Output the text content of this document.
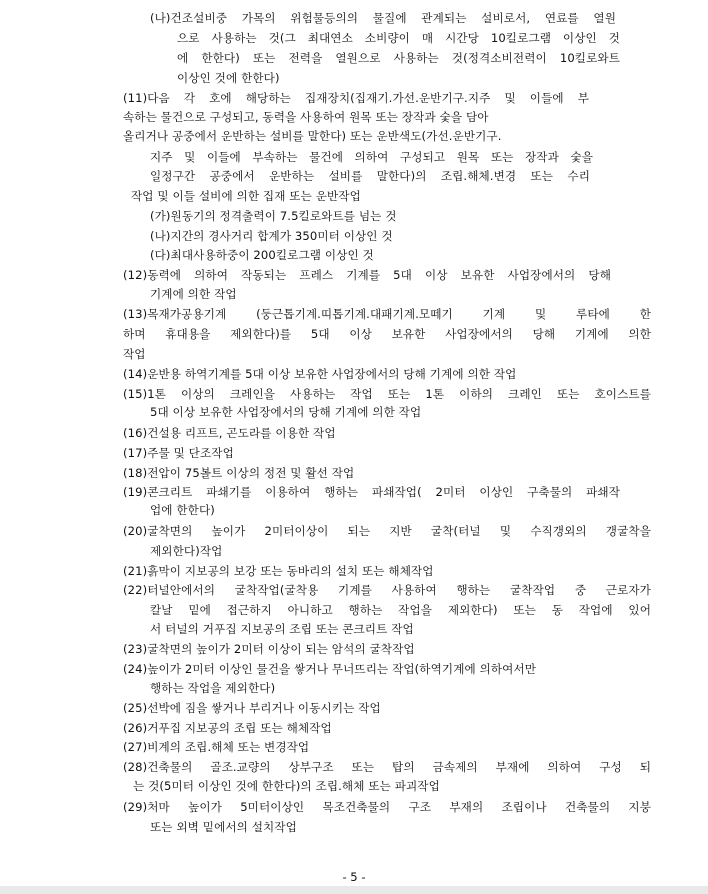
(나)건조설비중 가목의 위험물등의의 물질에 관계되는 설비로서, 연료를 열원
으로 사용하는 것(그 최대연소 소비량이 매 시간당 10킬로그램 이상인 것
에 한한다) 또는 전력을 열원으로 사용하는 것(정격소비전력이 10킬로와트
이상인 것에 한한다)
(11)다음 각 호에 해당하는 집재장치(집재기.가선.운반기구.지주 및 이들에 부
속하는 물건으로 구성되고, 동력을 사용하여 원목 또는 장작과 숯을 담아
올리거나 공중에서 운반하는 설비를 말한다) 또는 운반색도(가선.운반기구.
지주 및 이들에 부속하는 물건에 의하여 구성되고 원목 또는 장작과 숯을
일정구간 공중에서 운반하는 설비를 말한다)의 조립.해체.변경 또는 수리
작업 및 이들 설비에 의한 집재 또는 운반작업
(가)원동기의 정격출력이 7.5킬로와트를 넘는 것
(나)지간의 경사거리 합계가 350미터 이상인 것
(다)최대사용하중이 200킬로그램 이상인 것
(12)동력에 의하여 작동되는 프레스 기계를 5대 이상 보유한 사업장에서의 당해
기계에 의한 작업
(13)목재가공용기계 (둥근톱기계.띠톱기계.대패기계.모떼기 기계 및 루타에 한
하며 휴대용을 제외한다)를 5대 이상 보유한 사업장에서의 당해 기계에 의한
작업
(14)운반용 하역기계를 5대 이상 보유한 사업장에서의 당해 기계에 의한 작업
(15)1톤 이상의 크레인을 사용하는 작업 또는 1톤 이하의 크레인 또는 호이스트를
5대 이상 보유한 사업장에서의 당해 기계에 의한 작업
(16)건설용 리프트, 곤도라를 이용한 작업
(17)주물 및 단조작업
(18)전압이 75볼트 이상의 정전 및 활선 작업
(19)콘크리트 파쇄기를 이용하여 행하는 파쇄작업( 2미터 이상인 구축물의 파쇄작
업에 한한다)
(20)굴착면의 높이가 2미터이상이 되는 지반 굴착(터널 및 수직갱외의 갱굴착을
제외한다)작업
(21)흙막이 지보공의 보강 또는 동바리의 설치 또는 해체작업
(22)터널안에서의 굴착작업(굴착용 기계를 사용하여 행하는 굴착작업 중 근로자가
칼날 밑에 접근하지 아니하고 행하는 작업을 제외한다) 또는 동 작업에 있어
서 터널의 거푸집 지보공의 조립 또는 콘크리트 작업
(23)굴착면의 높이가 2미터 이상이 되는 암석의 굴착작업
(24)높이가 2미터 이상인 물건을 쌓거나 무너뜨리는 작업(하역기계에 의하여서만
행하는 작업을 제외한다)
(25)선박에 짐을 쌓거나 부리거나 이동시키는 작업
(26)거푸집 지보공의 조립 또는 해체작업
(27)비계의 조립.해체 또는 변경작업
(28)건축물의 골조.교량의 상부구조 또는 탑의 금속제의 부재에 의하여 구성 되
는 것(5미터 이상인 것에 한한다)의 조립.해체 또는 파괴작업
(29)처마 높이가 5미터이상인 목조건축물의 구조 부재의 조립이나 건축물의 지붕
또는 외벽 밑에서의 설치작업
- 5 -
